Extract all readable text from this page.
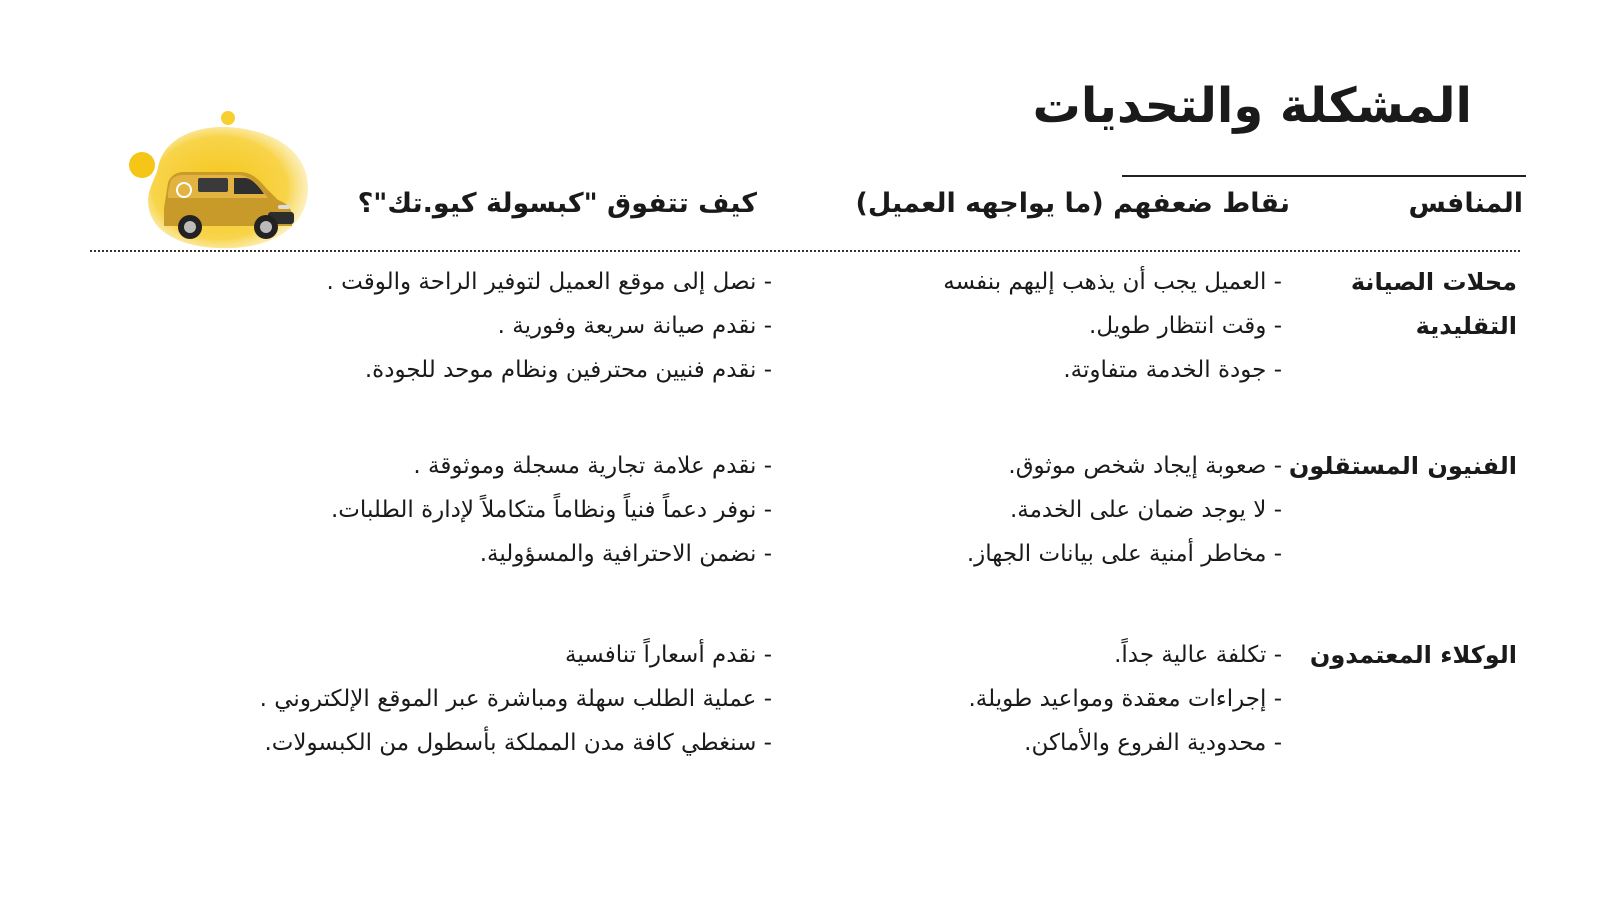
المشكلة والتحديات
المنافس
نقاط ضعفهم (ما يواجهه العميل)
كيف تتفوق "كبسولة كيو.تك"؟
محلات الصيانة التقليدية
- العميل يجب أن يذهب إليهم بنفسه
- وقت انتظار طويل.
- جودة الخدمة متفاوتة.
- نصل إلى موقع العميل لتوفير الراحة والوقت .
- نقدم صيانة سريعة وفورية .
- نقدم فنيين محترفين ونظام موحد للجودة.
الفنيون المستقلون
- صعوبة إيجاد شخص موثوق.
- لا يوجد ضمان على الخدمة.
- مخاطر أمنية على بيانات الجهاز.
- نقدم علامة تجارية مسجلة وموثوقة .
- نوفر دعماً فنياً ونظاماً متكاملاً لإدارة الطلبات.
- نضمن الاحترافية والمسؤولية.
الوكلاء المعتمدون
- تكلفة عالية جداً.
- إجراءات معقدة ومواعيد طويلة.
- محدودية الفروع والأماكن.
- نقدم أسعاراً تنافسية
- عملية الطلب سهلة ومباشرة عبر الموقع الإلكتروني .
- سنغطي كافة مدن المملكة بأسطول من الكبسولات.
